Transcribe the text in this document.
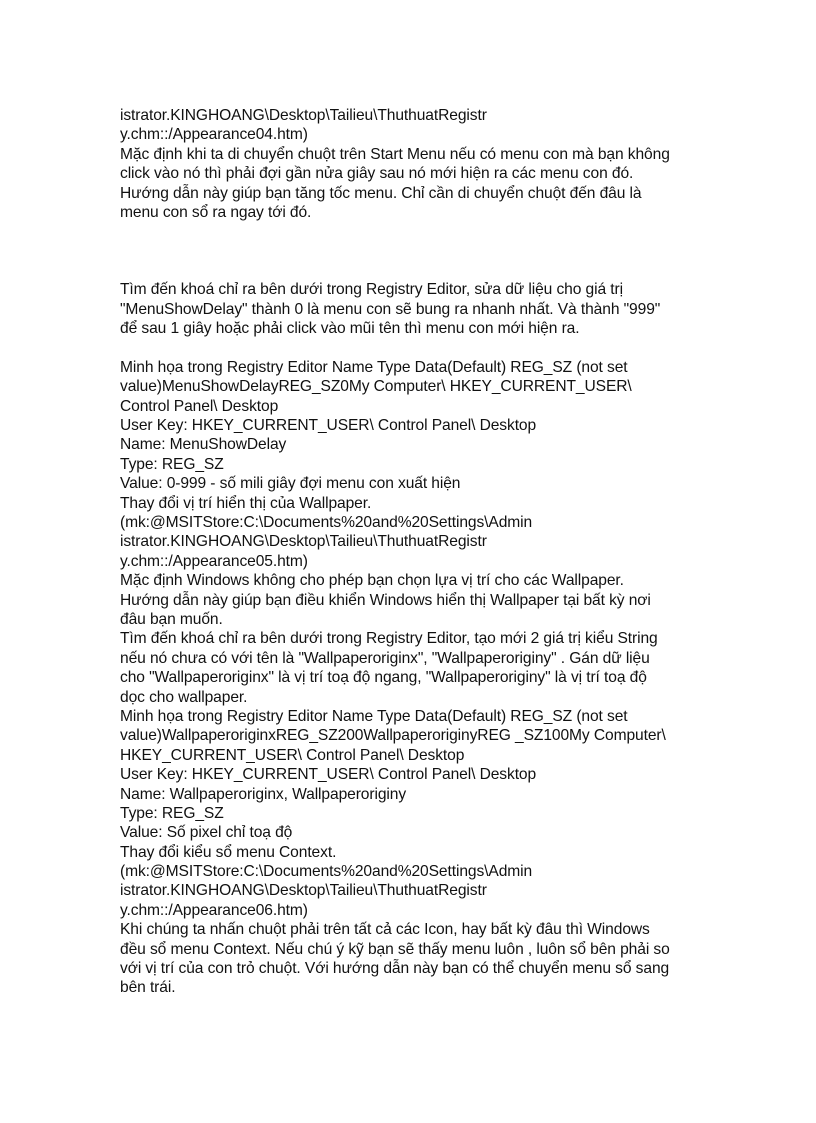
istrator.KINGHOANG\Desktop\Tailieu\ThuthuatRegistr
y.chm::/Appearance04.htm)
Mặc định khi ta di chuyển chuột trên Start Menu nếu có menu con mà bạn không
click vào nó thì phải đợi gần nửa giây sau nó mới hiện ra các menu con đó.
Hướng dẫn này giúp bạn tăng tốc menu. Chỉ cần di chuyển chuột đến đâu là
menu con sổ ra ngay tới đó.
Tìm đến khoá chỉ ra bên dưới trong Registry Editor, sửa dữ liệu cho giá trị
"MenuShowDelay" thành 0 là menu con sẽ bung ra nhanh nhất. Và thành "999"
để sau 1 giây hoặc phải click vào mũi tên thì menu con mới hiện ra.
Minh họa trong Registry Editor Name Type Data(Default) REG_SZ (not set
value)MenuShowDelayREG_SZ0My Computer\ HKEY_CURRENT_USER\
Control Panel\ Desktop
User Key: HKEY_CURRENT_USER\ Control Panel\ Desktop
Name: MenuShowDelay
Type: REG_SZ
Value: 0-999 - số mili giây đợi menu con xuất hiện
Thay đổi vị trí hiển thị của Wallpaper.
(mk:@MSITStore:C:\Documents%20and%20Settings\Admin
istrator.KINGHOANG\Desktop\Tailieu\ThuthuatRegistr
y.chm::/Appearance05.htm)
Mặc định Windows không cho phép bạn chọn lựa vị trí cho các Wallpaper.
Hướng dẫn này giúp bạn điều khiển Windows hiển thị Wallpaper tại bất kỳ nơi
đâu bạn muốn.
Tìm đến khoá chỉ ra bên dưới trong Registry Editor, tạo mới 2 giá trị kiểu String
nếu nó chưa có với tên là "Wallpaperoriginx", "Wallpaperoriginy" . Gán dữ liệu
cho "Wallpaperoriginx" là vị trí toạ độ ngang, "Wallpaperoriginy" là vị trí toạ độ
dọc cho wallpaper.
Minh họa trong Registry Editor Name Type Data(Default) REG_SZ (not set
value)WallpaperoriginxREG_SZ200WallpaperoriginyREG _SZ100My Computer\
HKEY_CURRENT_USER\ Control Panel\ Desktop
User Key: HKEY_CURRENT_USER\ Control Panel\ Desktop
Name: Wallpaperoriginx, Wallpaperoriginy
Type: REG_SZ
Value: Số pixel chỉ toạ độ
Thay đổi kiểu sổ menu Context.
(mk:@MSITStore:C:\Documents%20and%20Settings\Admin
istrator.KINGHOANG\Desktop\Tailieu\ThuthuatRegistr
y.chm::/Appearance06.htm)
Khi chúng ta nhấn chuột phải trên tất cả các Icon, hay bất kỳ đâu thì Windows
đều sổ menu Context. Nếu chú ý kỹ bạn sẽ thấy menu luôn , luôn sổ bên phải so
với vị trí của con trỏ chuột. Với hướng dẫn này bạn có thể chuyển menu sổ sang
bên trái.
